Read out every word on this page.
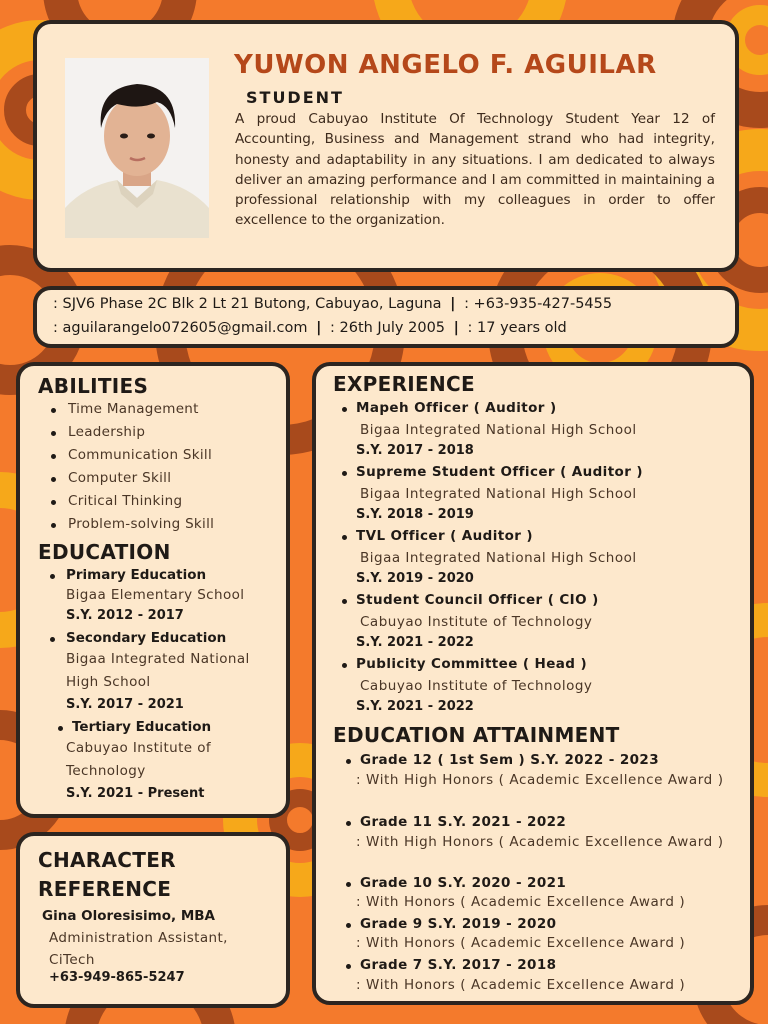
YUWON ANGELO F. AGUILAR
STUDENT
A proud Cabuyao Institute Of Technology Student Year 12 of Accounting, Business and Management strand who had integrity, honesty and adaptability in any situations. I am dedicated to always deliver an amazing performance and I am committed in maintaining a professional relationship with my colleagues in order to offer excellence to the organization.
: SJV6 Phase 2C Blk 2 Lt 21 Butong, Cabuyao, Laguna | : +63-935-427-5455
: aguilarangelo072605@gmail.com | : 26th July 2005 | : 17 years old
ABILITIES
Time Management
Leadership
Communication Skill
Computer Skill
Critical Thinking
Problem-solving Skill
EDUCATION
Primary Education
Bigaa Elementary School
S.Y. 2012 - 2017
Secondary Education
Bigaa Integrated National
High School
S.Y. 2017 - 2021
Tertiary Education
Cabuyao Institute of
Technology
S.Y. 2021 - Present
CHARACTER
REFERENCE
Gina Oloresisimo, MBA
Administration Assistant, CiTech
+63-949-865-5247
EXPERIENCE
Mapeh Officer ( Auditor )
Bigaa Integrated National High School
S.Y. 2017 - 2018
Supreme Student Officer ( Auditor )
Bigaa Integrated National High School
S.Y. 2018 - 2019
TVL Officer ( Auditor )
Bigaa Integrated National High School
S.Y. 2019 - 2020
Student Council Officer ( CIO )
Cabuyao Institute of Technology
S.Y. 2021 - 2022
Publicity Committee ( Head )
Cabuyao Institute of Technology
S.Y. 2021 - 2022
EDUCATION ATTAINMENT
Grade 12 ( 1st Sem ) S.Y. 2022 - 2023
: With High Honors ( Academic Excellence Award )
Grade 11 S.Y. 2021 - 2022
: With High Honors ( Academic Excellence Award )
Grade 10 S.Y. 2020 - 2021
: With Honors ( Academic Excellence Award )
Grade 9 S.Y. 2019 - 2020
: With Honors ( Academic Excellence Award )
Grade 7 S.Y. 2017 - 2018
: With Honors ( Academic Excellence Award )
